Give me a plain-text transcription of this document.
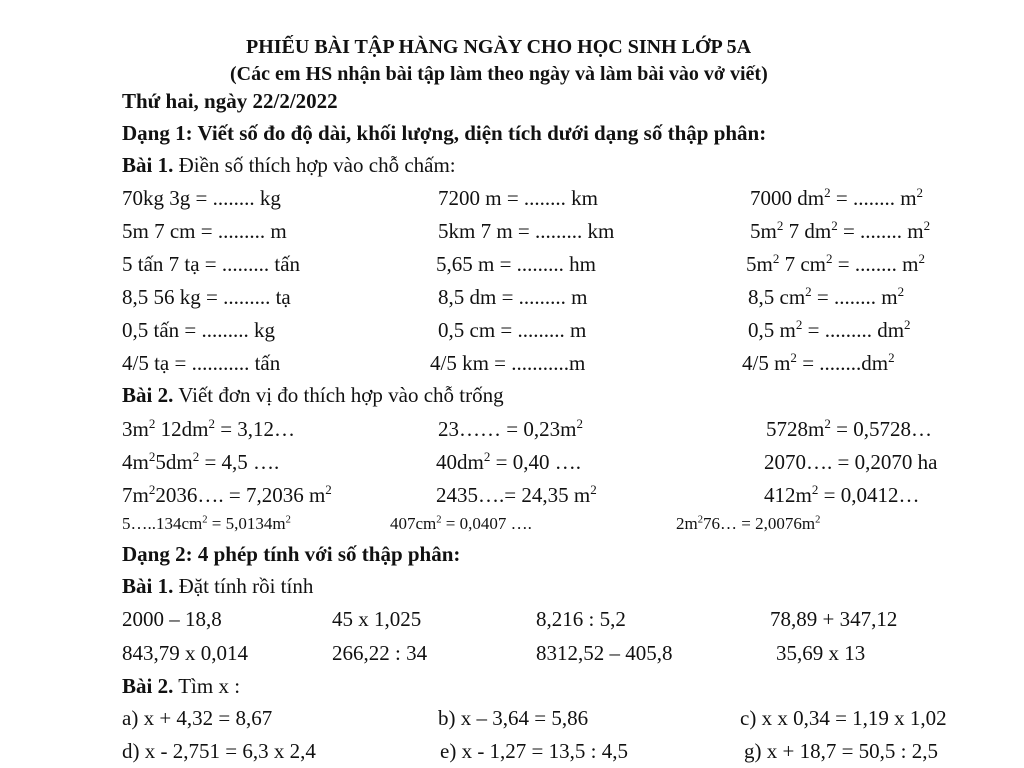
PHIẾU BÀI TẬP HÀNG NGÀY CHO HỌC SINH LỚP 5A
(Các em HS nhận bài tập làm theo ngày và làm bài vào vở viết)
Thứ hai, ngày 22/2/2022
Dạng 1: Viết số đo độ dài, khối lượng, diện tích dưới dạng số thập phân:
Bài 1. Điền số thích hợp vào chỗ chấm:
70kg 3g = ........ kg	7200 m = ........ km	7000 $dm^2$ = ........ $m^2$
5m 7 cm = ......... m	5km 7 m = ......... km	$5m^2$ 7 $dm^2$ = ........ $m^2$
5 tấn 7 tạ = ......... tấn	5,65 m = ......... hm	$5m^2$ 7 $cm^2$ = ........ $m^2$
8,5 56 kg = ......... tạ	8,5 dm = ......... m	8,5 $cm^2$ = ........ $m^2$
0,5 tấn = ......... kg	0,5 cm = ......... m	0,5 $m^2$ = ......... $dm^2$
4/5 tạ = ........... tấn	4/5 km = ...........m	4/5 $m^2 = ........dm^2$
Bài 2. Viết đơn vị đo thích hợp vào chỗ trống
$3m^2$ $12dm^2$ = 3,12…	23…… = $0,23m^2$	$5728m^2$ = 0,5728…
$4m^25dm^2 = 4,5$ ….	$40dm^2 = 0,40$ ….	2070…. = 0,2070 ha
$7m^22036\dots$. = 7,2036 $m^2$	2435….= 24,35 $m^2$	$412m^2$ = 0,0412…
$5\dots..134cm^2 = 5,0134m^2$	$407cm^2 = 0,0407$ ….	$2m^276\dots = 2,0076m^2$
Dạng 2: 4 phép tính với số thập phân:
Bài 1. Đặt tính rồi tính
2000 – 18,8	45 x 1,025	8,216 : 5,2	78,89 + 347,12
843,79 x 0,014	266,22 : 34	8312,52 – 405,8	35,69 x 13
Bài 2. Tìm x :
a) x + 4,32 = 8,67	b) x – 3,64 = 5,86	c) x x 0,34 = 1,19 x 1,02
d) x - 2,751 = 6,3 x 2,4	e) x - 1,27 = 13,5 : 4,5	g) x + 18,7 = 50,5 : 2,5
